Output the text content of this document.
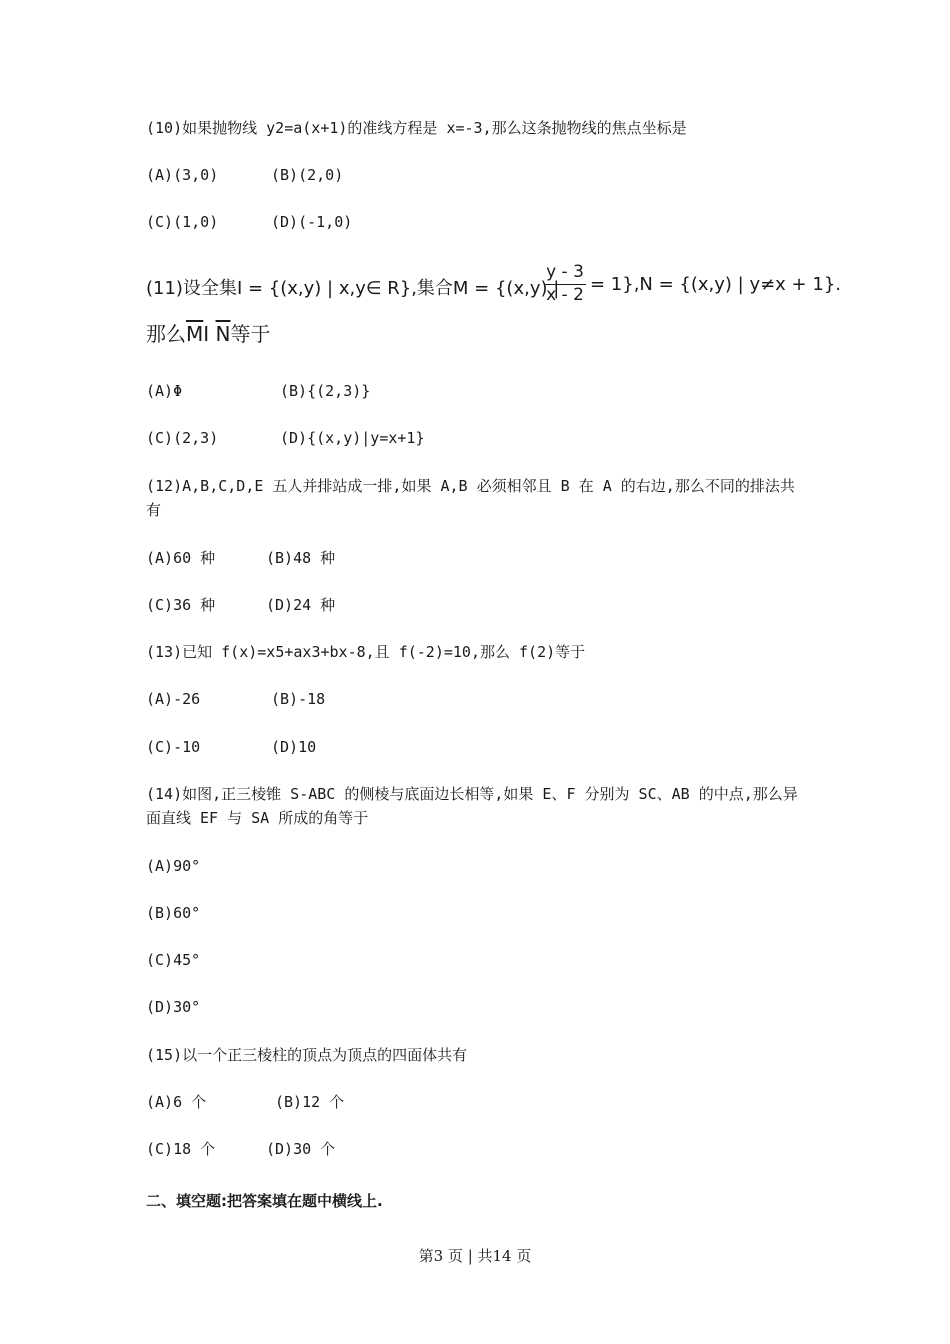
(10)如果抛物线 y2=a(x+1)的准线方程是 x=-3,那么这条抛物线的焦点坐标是
(A)(3,0)	(B)(2,0)
(C)(1,0)	(D)(-1,0)
(11)设全集I = {(x,y) | x,y∈ R},集合M = {(x,y) |
y - 3
x - 2 = 1},N = {(x,y) | y≠x + 1}.
那么$\overline{M}I$ $\overline{N}$等于
(A)Φ	(B){(2,3)}
(C)(2,3)	(D){(x,y)|y=x+1}
(12)A,B,C,D,E 五人并排站成一排,如果 A,B 必须相邻且 B 在 A 的右边,那么不同的排法共
有
(A)60 种	(B)48 种
(C)36 种	(D)24 种
(13)已知 f(x)=x5+ax3+bx-8,且 f(-2)=10,那么 f(2)等于
(A)-26	(B)-18
(C)-10	(D)10
(14)如图,正三棱锥 S-ABC 的侧棱与底面边长相等,如果 E、F 分别为 SC、AB 的中点,那么异
面直线 EF 与 SA 所成的角等于
(A)90°
(B)60°
(C)45°
(D)30°
(15)以一个正三棱柱的顶点为顶点的四面体共有
(A)6 个	(B)12 个
(C)18 个	(D)30 个
二、填空题:把答案填在题中横线上.
第3 页 | 共14 页
